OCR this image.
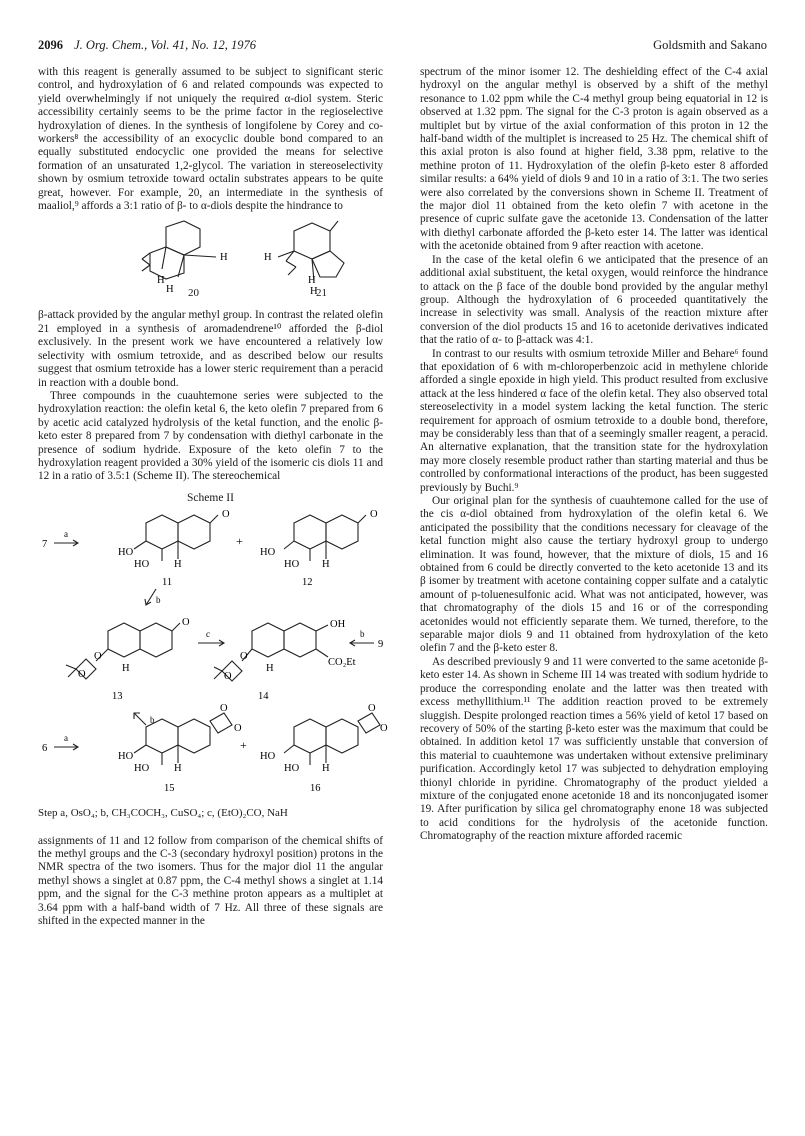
2096 J. Org. Chem., Vol. 41, No. 12, 1976	Goldsmith and Sakano

with this reagent is generally assumed to be subject to significant steric control, and hydroxylation of 6 and related compounds was expected to yield overwhelmingly if not uniquely the required α-diol system. Steric accessibility certainly seems to be the prime factor in the regioselective hydroxylation of dienes. In the synthesis of longifolene by Corey and co-workers⁸ the accessibility of an exocyclic double bond compared to an equally substituted endocyclic one provided the means for selective formation of an unsaturated 1,2-glycol. The variation in stereoselectivity shown by osmium tetroxide toward octalin substrates appears to be quite great, however. For example, 20, an intermediate in the synthesis of maaliol,⁹ affords a 3:1 ratio of β- to α-diols despite the hindrance to

H
H
H
H
H
H
20	21

β-attack provided by the angular methyl group. In contrast the related olefin 21 employed in a synthesis of aromadendrene¹⁰ afforded the β-diol exclusively. In the present work we have encountered a relatively low selectivity with osmium tetroxide, and as described below our results suggest that osmium tetroxide has a lower steric requirement than a peracid in reaction with a double bond.

Three compounds in the cuauhtemone series were subjected to the hydroxylation reaction: the olefin ketal 6, the keto olefin 7 prepared from 6 by acetic acid catalyzed hydrolysis of the ketal function, and the enolic β-keto ester 8 prepared from 7 by condensation with diethyl carbonate in the presence of sodium hydride. Exposure of the keto olefin 7 to the hydroxylation reagent provided a 30% yield of the isomeric cis diols 11 and 12 in a ratio of 3.5:1 (Scheme II). The stereochemical

Scheme II
7
a
O
+
HO
HO H
O
HO
HO H
11	12
b
O
O
O
H
c
OH
CO₂Et
O
O
H
b
9
13	14
b
6
a
O
O
+
HO
HO H
O
O
HO
HO H
15	16
Step a, OsO₄; b, CH₃COCH₃, CuSO₄; c, (EtO)₂CO, NaH

assignments of 11 and 12 follow from comparison of the chemical shifts of the methyl groups and the C-3 (secondary hydroxyl position) protons in the NMR spectra of the two isomers. Thus for the major diol 11 the angular methyl shows a singlet at 0.87 ppm, the C-4 methyl shows a singlet at 1.14 ppm, and the signal for the C-3 methine proton appears as a multiplet at 3.64 ppm with a half-band width of 7 Hz. All three of these signals are shifted in the expected manner in the

spectrum of the minor isomer 12. The deshielding effect of the C-4 axial hydroxyl on the angular methyl is observed by a shift of the methyl resonance to 1.02 ppm while the C-4 methyl group being equatorial in 12 is observed at 1.32 ppm. The signal for the C-3 proton is again observed as a multiplet but by virtue of the axial conformation of this proton in 12 the half-band width of the multiplet is increased to 25 Hz. The chemical shift of this axial proton is also found at higher field, 3.38 ppm, relative to the methine proton of 11. Hydroxylation of the olefin β-keto ester 8 afforded similar results: a 64% yield of diols 9 and 10 in a ratio of 3:1. The two series were also correlated by the conversions shown in Scheme II. Treatment of the major diol 11 obtained from the keto olefin 7 with acetone in the presence of cupric sulfate gave the acetonide 13. Condensation of the latter with diethyl carbonate afforded the β-keto ester 14. The latter was identical with the acetonide obtained from 9 after reaction with acetone.

In the case of the ketal olefin 6 we anticipated that the presence of an additional axial substituent, the ketal oxygen, would reinforce the hindrance to attack on the β face of the double bond provided by the angular methyl group. Although the hydroxylation of 6 proceeded quantitatively the increase in selectivity was small. Analysis of the reaction mixture after conversion of the diol products 15 and 16 to acetonide derivatives indicated that the ratio of α- to β-attack was 4:1.

In contrast to our results with osmium tetroxide Miller and Behare⁶ found that epoxidation of 6 with m-chloroperbenzoic acid in methylene chloride afforded a single epoxide in high yield. This product resulted from exclusive attack at the less hindered α face of the olefin ketal. They also observed total stereoselectivity in a model system lacking the ketal function. The steric requirement for approach of osmium tetroxide to a double bond, therefore, may be considerably less than that of a seemingly smaller reagent, a peracid. An alternative explanation, that the transition state for the hydroxylation may more closely resemble product rather than starting material and thus be controlled by conformational interactions of the product, has been suggested previously by Buchi.⁹

Our original plan for the synthesis of cuauhtemone called for the use of the cis α-diol obtained from hydroxylation of the olefin ketal 6. We anticipated the possibility that the conditions necessary for cleavage of the ketal function might also cause the tertiary hydroxyl group to undergo elimination. It was found, however, that the mixture of diols, 15 and 16 obtained from 6 could be directly converted to the keto acetonide 13 and its β isomer by treatment with acetone containing copper sulfate and a catalytic amount of p-toluenesulfonic acid. What was not anticipated, however, was that chromatography of the diols 15 and 16 or of the corresponding acetonides would not efficiently separate them. We turned, therefore, to the separable major diols 9 and 11 obtained from hydroxylation of the keto olefin 7 and the β-keto ester 8.

As described previously 9 and 11 were converted to the same acetonide β-keto ester 14. As shown in Scheme III 14 was treated with sodium hydride to produce the corresponding enolate and the latter was then treated with excess methyllithium.¹¹ The addition reaction proved to be extremely sluggish. Despite prolonged reaction times a 56% yield of ketol 17 based on recovery of 50% of the starting β-keto ester was the maximum that could be obtained. In addition ketol 17 was sufficiently unstable that conversion of this material to cuauhtemone was undertaken without extensive preliminary purification. Accordingly ketol 17 was subjected to dehydration employing thionyl chloride in pyridine. Chromatography of the product yielded a mixture of the conjugated enone acetonide 18 and its nonconjugated isomer 19. After purification by silica gel chromatography enone 18 was subjected to acid conditions for the hydrolysis of the acetonide function. Chromatography of the reaction mixture afforded racemic
